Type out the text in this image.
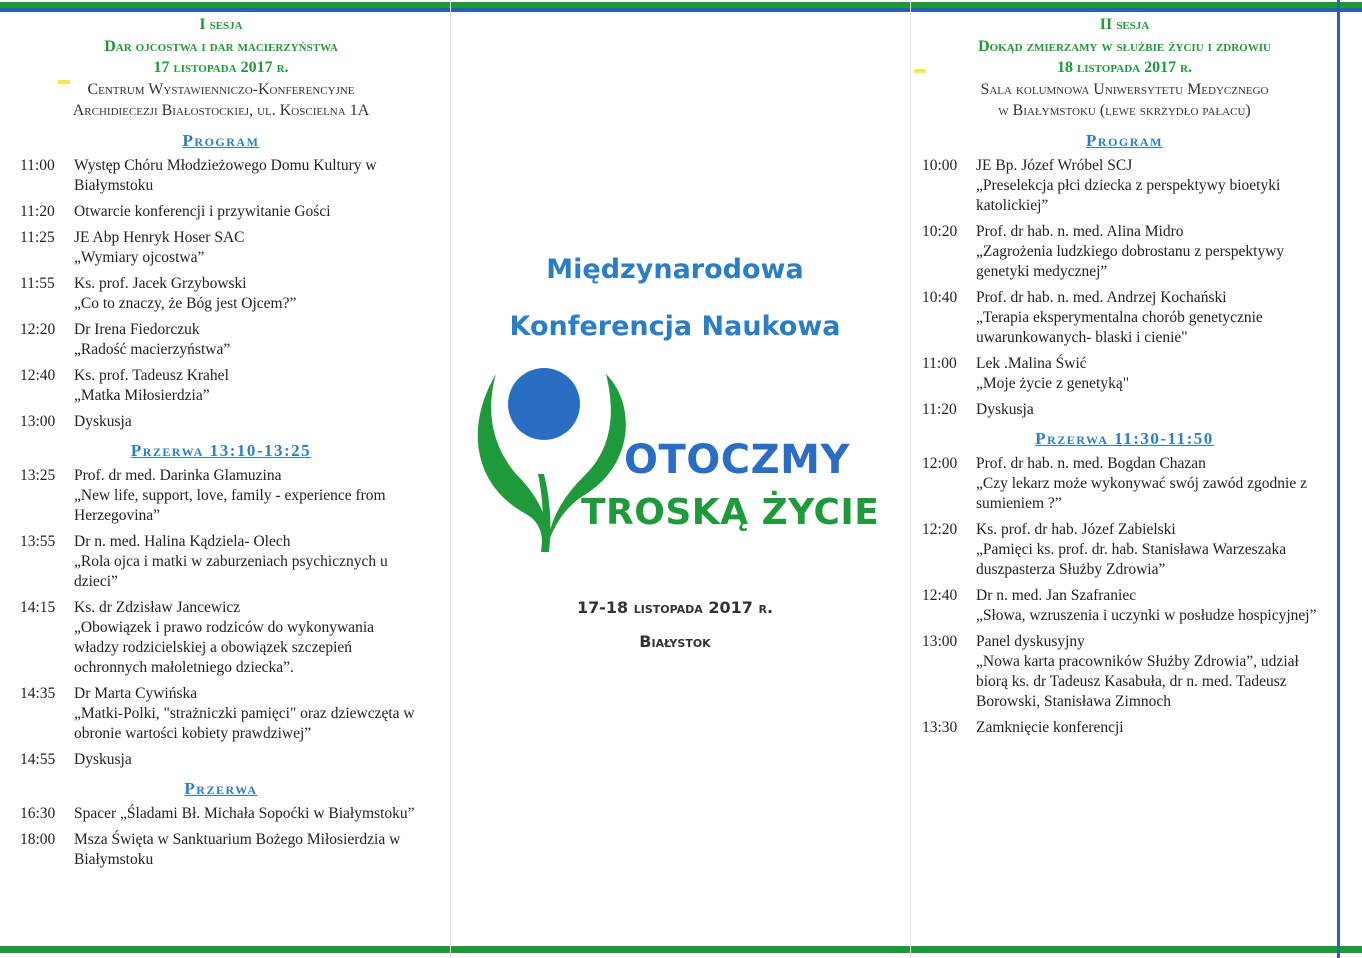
I sesja
Dar ojcostwa i dar macierzyństwa
17 listopada 2017 r.
Centrum Wystawienniczo-Konferencyjne
Archidiecezji Białostockiej, ul. Koscielna 1A
Program
11:00	Występ Chóru Młodzieżowego Domu Kultury w Białymstoku
11:20	Otwarcie konferencji i przywitanie Gości
11:25	JE Abp Henryk Hoser SAC
„Wymiary ojcostwa”
11:55	Ks. prof. Jacek Grzybowski
„Co to znaczy, że Bóg jest Ojcem?”
12:20	Dr Irena Fiedorczuk
„Radość macierzyństwa”
12:40	Ks. prof. Tadeusz Krahel
„Matka Miłosierdzia”
13:00	Dyskusja
Przerwa 13:10-13:25
13:25	Prof. dr med. Darinka Glamuzina
„New life, support, love, family - experience from Herzegovina”
13:55	Dr n. med. Halina Kądziela- Olech
„Rola ojca i matki w zaburzeniach psychicznych u dzieci”
14:15	Ks. dr Zdzisław Jancewicz
„Obowiązek i prawo rodziców do wykonywania władzy rodzicielskiej a obowiązek szczepień ochronnych małoletniego dziecka”.
14:35	Dr Marta Cywińska
„Matki-Polki, "strażniczki pamięci" oraz dziewczęta w obronie wartości kobiety prawdziwej”
14:55	Dyskusja
Przerwa
16:30	Spacer „Śladami Bł. Michała Sopoćki w Białymstoku”
18:00	Msza Święta w Sanktuarium Bożego Miłosierdzia w Białymstoku
Międzynarodowa
Konferencja Naukowa
OTOCZMY
TROSKĄ ŻYCIE
17-18 listopada 2017 r.
Białystok
II sesja
Dokąd zmierzamy w służbie życiu i zdrowiu
18 listopada 2017 r.
Sala kolumnowa Uniwersytetu Medycznego
w Białymstoku (lewe skrzydło pałacu)
Program
10:00	JE Bp. Józef Wróbel SCJ
„Preselekcja płci dziecka z perspektywy bioetyki katolickiej”
10:20	Prof. dr hab. n. med. Alina Midro
„Zagrożenia ludzkiego dobrostanu z perspektywy genetyki medycznej”
10:40	Prof. dr hab. n. med. Andrzej Kochański
„Terapia eksperymentalna chorób genetycznie uwarunkowanych- blaski i cienie"
11:00	Lek .Malina Świć
„Moje życie z genetyką"
11:20	Dyskusja
Przerwa 11:30-11:50
12:00	Prof. dr hab. n. med. Bogdan Chazan
„Czy lekarz może wykonywać swój zawód zgodnie z sumieniem ?”
12:20	Ks. prof. dr hab. Józef Zabielski
„Pamięci ks. prof. dr. hab. Stanisława Warzeszaka duszpasterza Służby Zdrowia”
12:40	Dr n. med. Jan Szafraniec
„Słowa, wzruszenia i uczynki w posłudze hospicyjnej”
13:00	Panel dyskusyjny
„Nowa karta pracowników Służby Zdrowia”, udział biorą ks. dr Tadeusz Kasabuła, dr n. med. Tadeusz Borowski, Stanisława Zimnoch
13:30	Zamknięcie konferencji
